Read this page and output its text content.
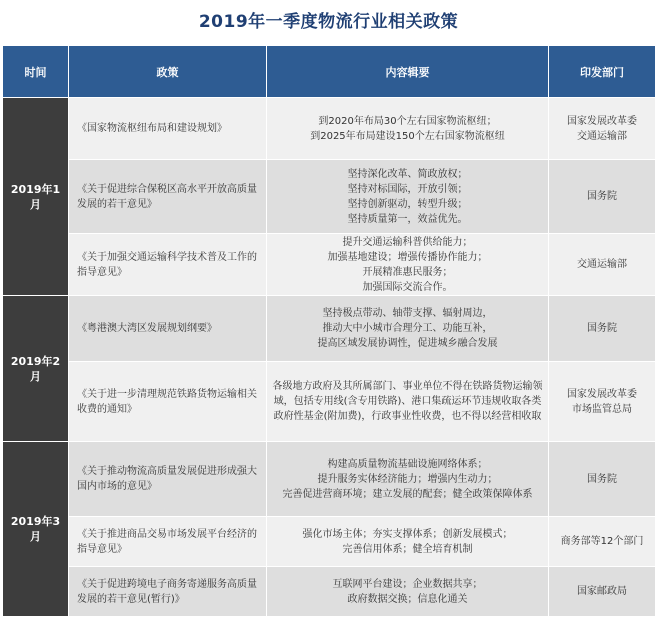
2019年一季度物流行业相关政策
时间	政策	内容辑要	印发部门
2019年1月	《国家物流枢纽布局和建设规划》	到2020年布局30个左右国家物流枢纽；
到2025年布局建设150个左右国家物流枢纽	国家发展改革委
交通运输部
	《关于促进综合保税区高水平开放高质量发展的若干意见》	坚持深化改革、简政放权；
坚持对标国际，开放引领；
坚持创新驱动，转型升级；
坚持质量第一，效益优先。	国务院
	《关于加强交通运输科学技术普及工作的指导意见》	提升交通运输科普供给能力；
加强基地建设；增强传播协作能力；
开展精准惠民服务；
加强国际交流合作。	交通运输部
2019年2月	《粤港澳大湾区发展规划纲要》	坚持极点带动、轴带支撑、辐射周边，
推动大中小城市合理分工、功能互补，
提高区域发展协调性，促进城乡融合发展	国务院
	《关于进一步清理规范铁路货物运输相关收费的通知》	各级地方政府及其所属部门、事业单位不得在铁路货物运输领域，包括专用线(含专用铁路)、港口集疏运环节违规收取各类政府性基金(附加费)，行政事业性收费，也不得以经营相收取	国家发展改革委
市场监管总局
2019年3月	《关于推动物流高质量发展促进形成强大国内市场的意见》	构建高质量物流基础设施网络体系；
提升服务实体经济能力；增强内生动力；
完善促进营商环境；建立发展的配套；健全政策保障体系	国务院
	《关于推进商品交易市场发展平台经济的指导意见》	强化市场主体；夯实支撑体系；创新发展模式；
完善信用体系；健全培育机制	商务部等12个部门
	《关于促进跨境电子商务寄递服务高质量发展的若干意见(暂行)》	互联网平台建设；企业数据共享；
政府数据交换；信息化通关	国家邮政局
